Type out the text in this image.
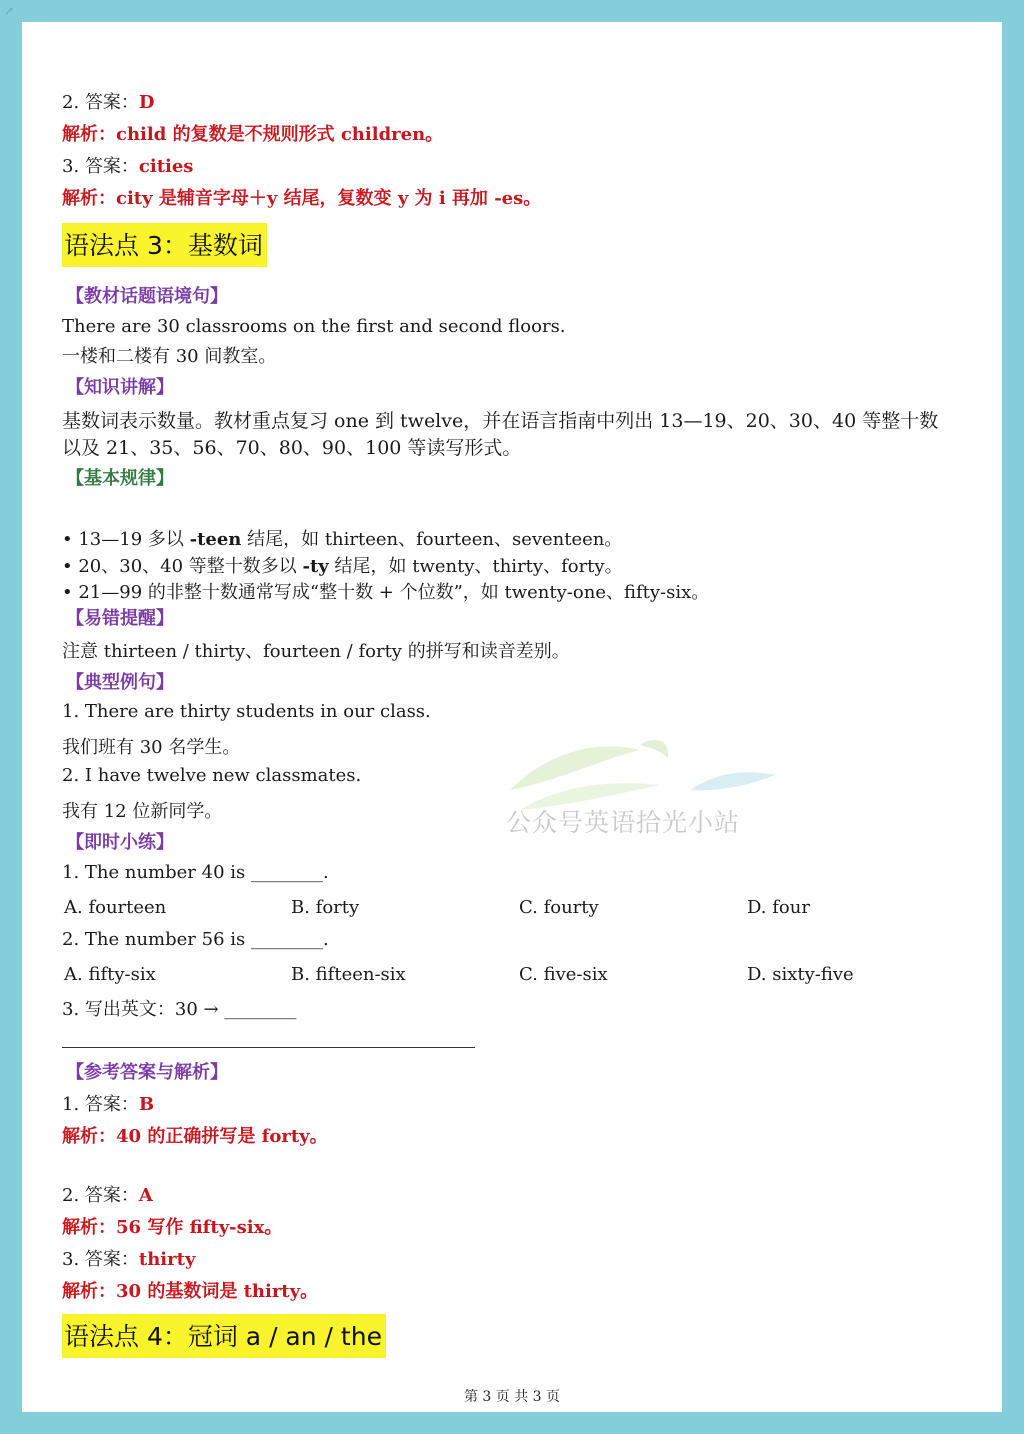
↗
2. 答案：D
解析：child 的复数是不规则形式 children。
3. 答案：cities
解析：city 是辅音字母＋y 结尾，复数变 y 为 i 再加 -es。
语法点 3：基数词
【教材话题语境句】
There are 30 classrooms on the first and second floors.
一楼和二楼有 30 间教室。
【知识讲解】
基数词表示数量。教材重点复习 one 到 twelve，并在语言指南中列出 13—19、20、30、40 等整十数
以及 21、35、56、70、80、90、100 等读写形式。
【基本规律】
• 13—19 多以 -teen 结尾，如 thirteen、fourteen、seventeen。
• 20、30、40 等整十数多以 -ty 结尾，如 twenty、thirty、forty。
• 21—99 的非整十数通常写成“整十数 + 个位数”，如 twenty-one、fifty-six。
【易错提醒】
注意 thirteen / thirty、fourteen / forty 的拼写和读音差别。
【典型例句】
1. There are thirty students in our class.
我们班有 30 名学生。
2. I have twelve new classmates.
我有 12 位新同学。	公众号英语拾光小站
【即时小练】
1. The number 40 is ________.
A. fourteen	B. forty	C. fourty	D. four
2. The number 56 is ________.
A. fifty-six	B. fifteen-six	C. five-six	D. sixty-five
3. 写出英文：30 → ________
【参考答案与解析】
1. 答案：B
解析：40 的正确拼写是 forty。
2. 答案：A
解析：56 写作 fifty-six。
3. 答案：thirty
解析：30 的基数词是 thirty。
语法点 4：冠词 a / an / the
第 3 页 共 3 页
